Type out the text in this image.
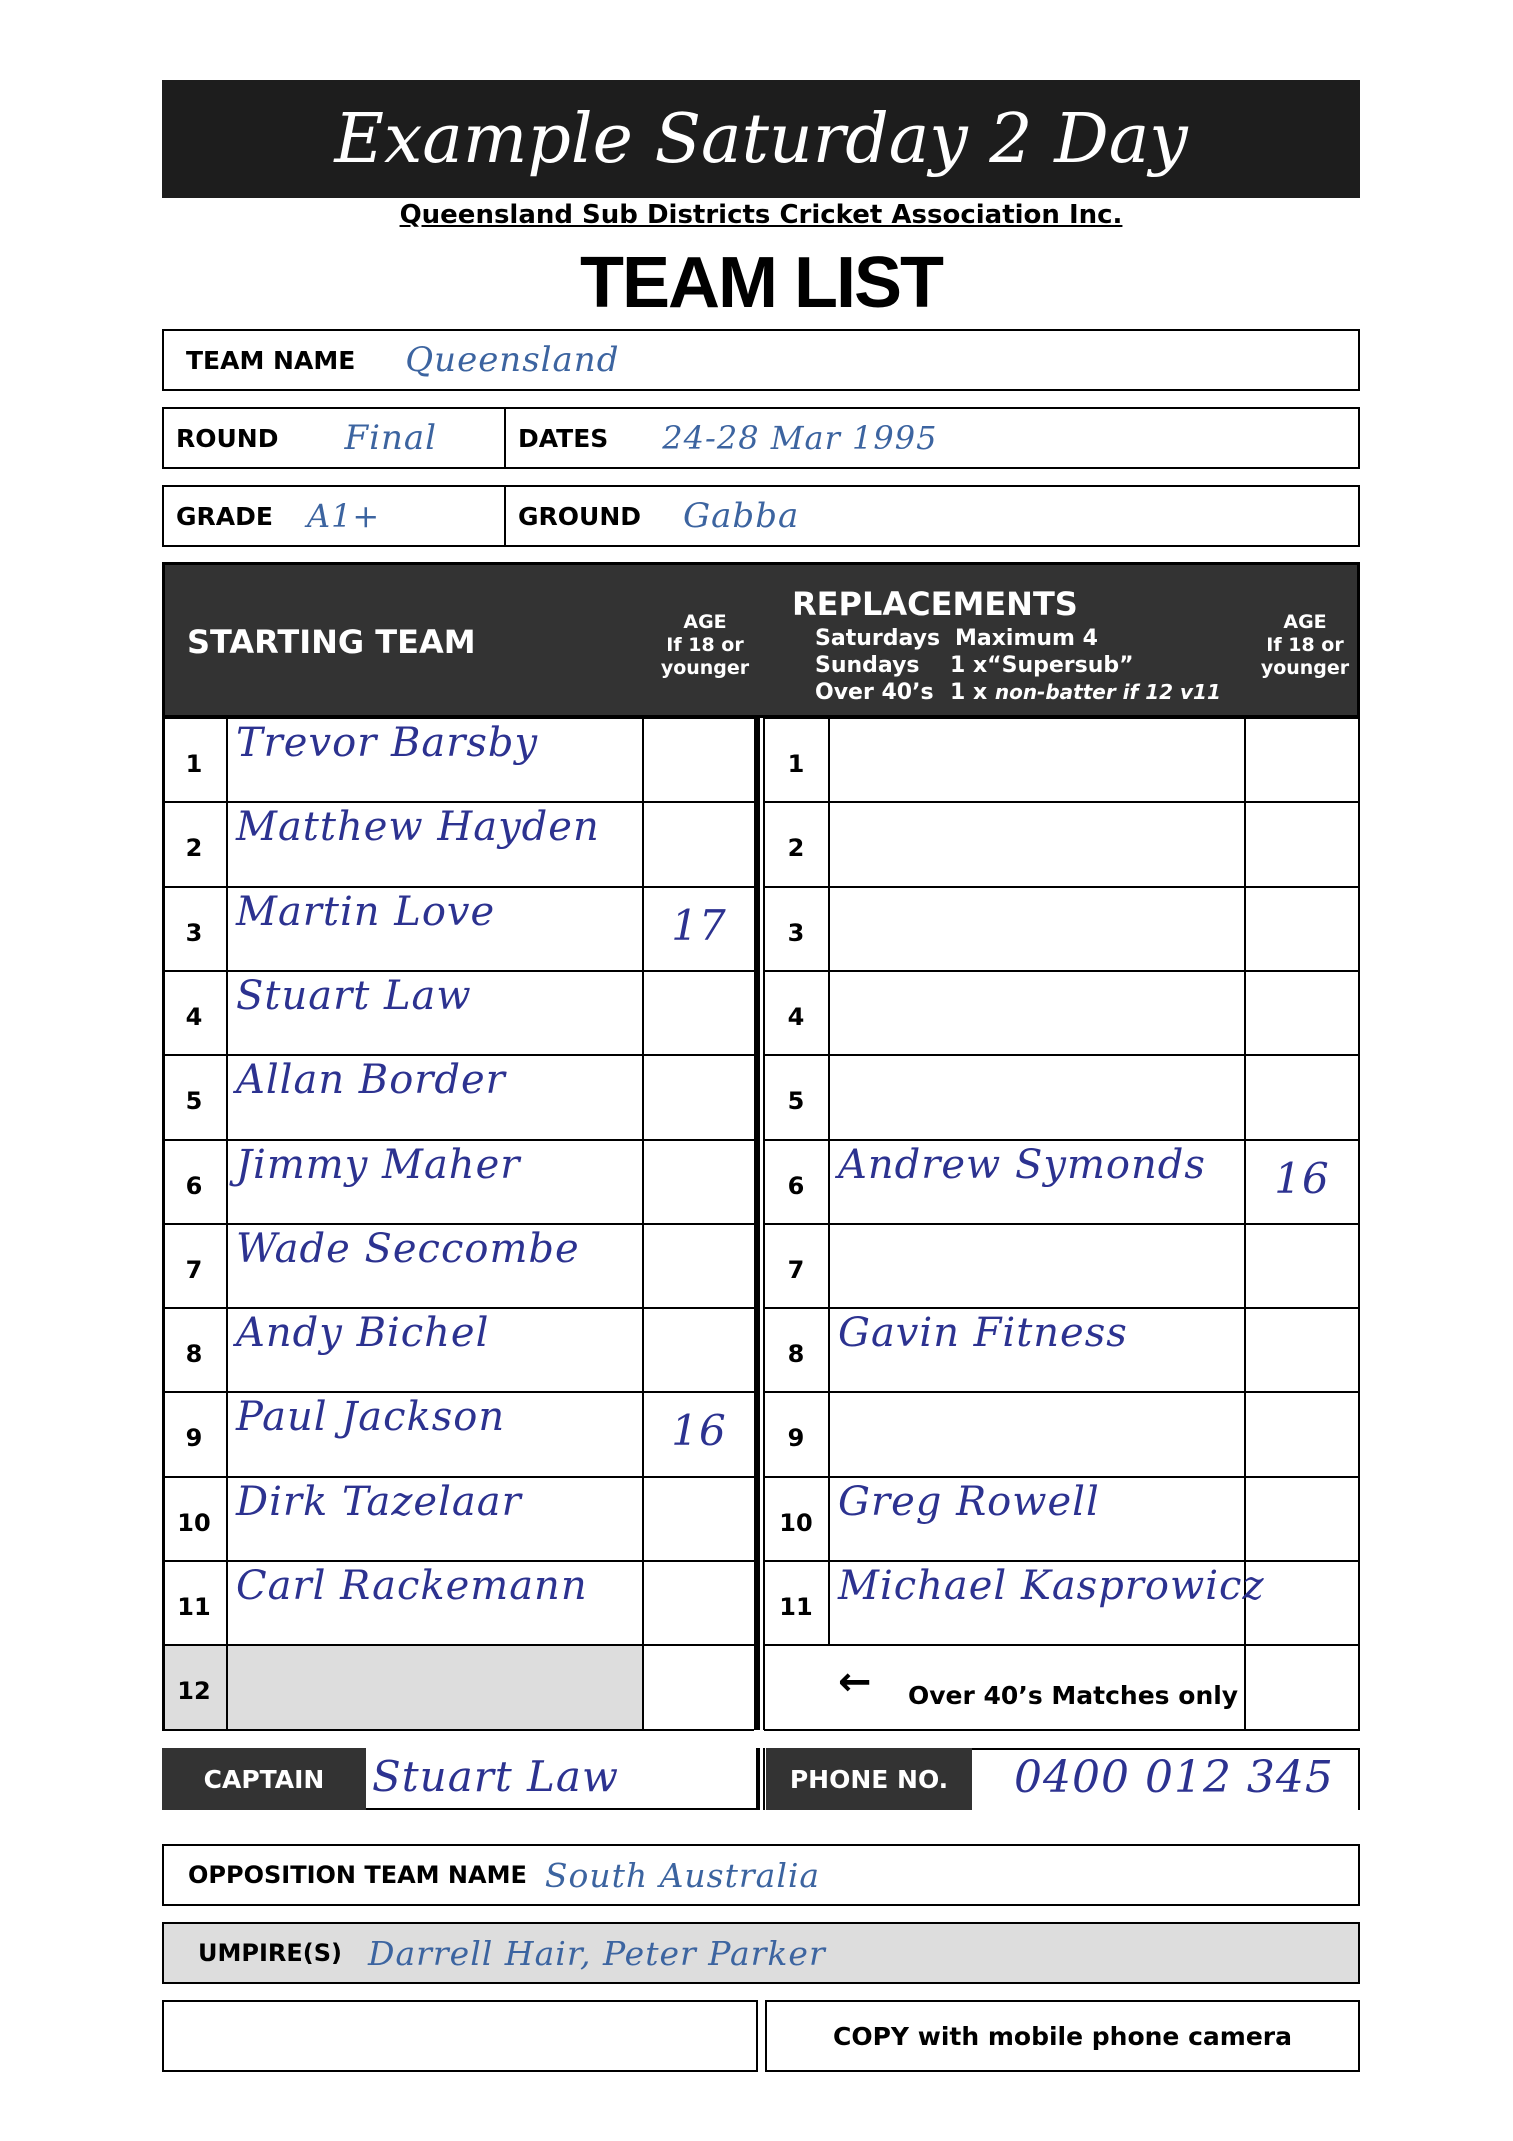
Example Saturday 2 Day
Queensland Sub Districts Cricket Association Inc.
TEAM LIST
TEAM NAME Queensland
ROUND Final	DATES 24-28 Mar 1995
GRADE A1+	GROUND Gabba
STARTING TEAM
AGE
If 18 or
younger
REPLACEMENTS
Saturdays Maximum 4
Sundays 1 x“Supersub”
Over 40’s 1 x non-batter if 12 v11
AGE
If 18 or
younger
1 Trevor Barsby
2 Matthew Hayden
3 Martin Love	17
4 Stuart Law
5 Allan Border
6 Jimmy Maher
7 Wade Seccombe
8 Andy Bichel
9 Paul Jackson	16
10 Dirk Tazelaar
11 Carl Rackemann
12
1
2
3
4
5
6 Andrew Symonds	16
7
8 Gavin Fitness
9
10 Greg Rowell
11 Michael Kasprowicz
← Over 40’s Matches only
CAPTAIN	Stuart Law	PHONE NO.	0400 012 345
OPPOSITION TEAM NAME South Australia
UMPIRE(S) Darrell Hair, Peter Parker
COPY with mobile phone camera
